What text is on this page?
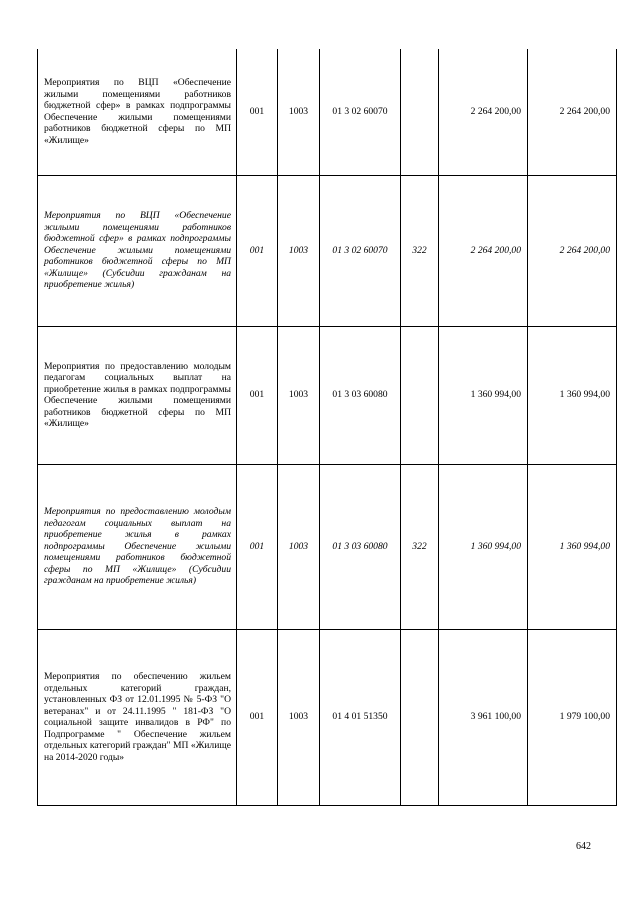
Мероприятия по ВЦП «Обеспечение жилыми помещениями работников бюджетной сфер» в рамках подпрограммы Обеспечение жилыми помещениями работников бюджетной сферы по МП «Жилище»	001	1003	01 3 02 60070		2 264 200,00	2 264 200,00
Мероприятия по ВЦП «Обеспечение жилыми помещениями работников бюджетной сфер» в рамках подпрограммы Обеспечение жилыми помещениями работников бюджетной сферы по МП «Жилище» (Субсидии гражданам на приобретение жилья)	001	1003	01 3 02 60070	322	2 264 200,00	2 264 200,00
Мероприятия по предоставлению молодым педагогам социальных выплат на приобретение жилья в рамках подпрограммы Обеспечение жилыми помещениями работников бюджетной сферы по МП «Жилище»	001	1003	01 3 03 60080		1 360 994,00	1 360 994,00
Мероприятия по предоставлению молодым педагогам социальных выплат на приобретение жилья в рамках подпрограммы Обеспечение жилыми помещениями работников бюджетной сферы по МП «Жилище» (Субсидии гражданам на приобретение жилья)	001	1003	01 3 03 60080	322	1 360 994,00	1 360 994,00
Мероприятия по обеспечению жильем отдельных категорий граждан, установленных ФЗ от 12.01.1995 № 5-ФЗ "О ветеранах" и от 24.11.1995 " 181-ФЗ "О социальной защите инвалидов в РФ" по Подпрограмме " Обеспечение жильем отдельных категорий граждан" МП «Жилище на 2014-2020 годы»	001	1003	01 4 01 51350		3 961 100,00	1 979 100,00
642
